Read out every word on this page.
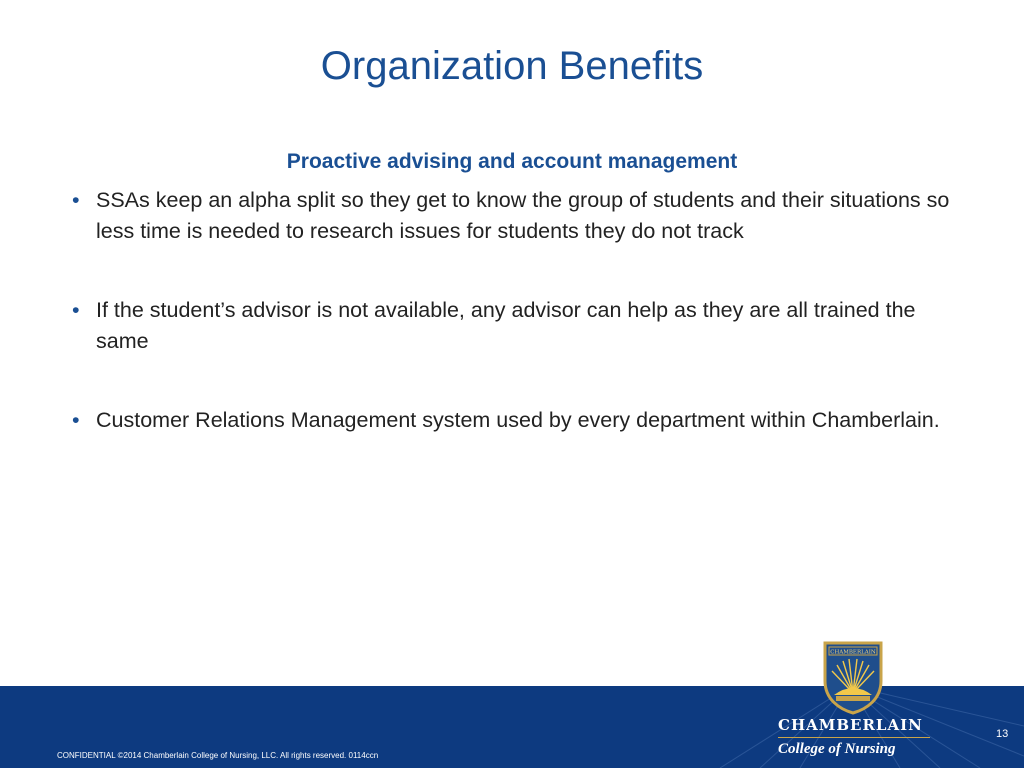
Organization Benefits
Proactive advising and account management
• SSAs keep an alpha split so they get to know the group of students and their situations so less time is needed to research issues for students they do not track
• If the student’s advisor is not available, any advisor can help as they are all trained the same
• Customer Relations Management system used by every department within Chamberlain.
CONFIDENTIAL ©2014 Chamberlain College of Nursing, LLC. All rights reserved. 0114ccn
13
CHAMBERLAIN
CHAMBERLAIN
College of Nursing
